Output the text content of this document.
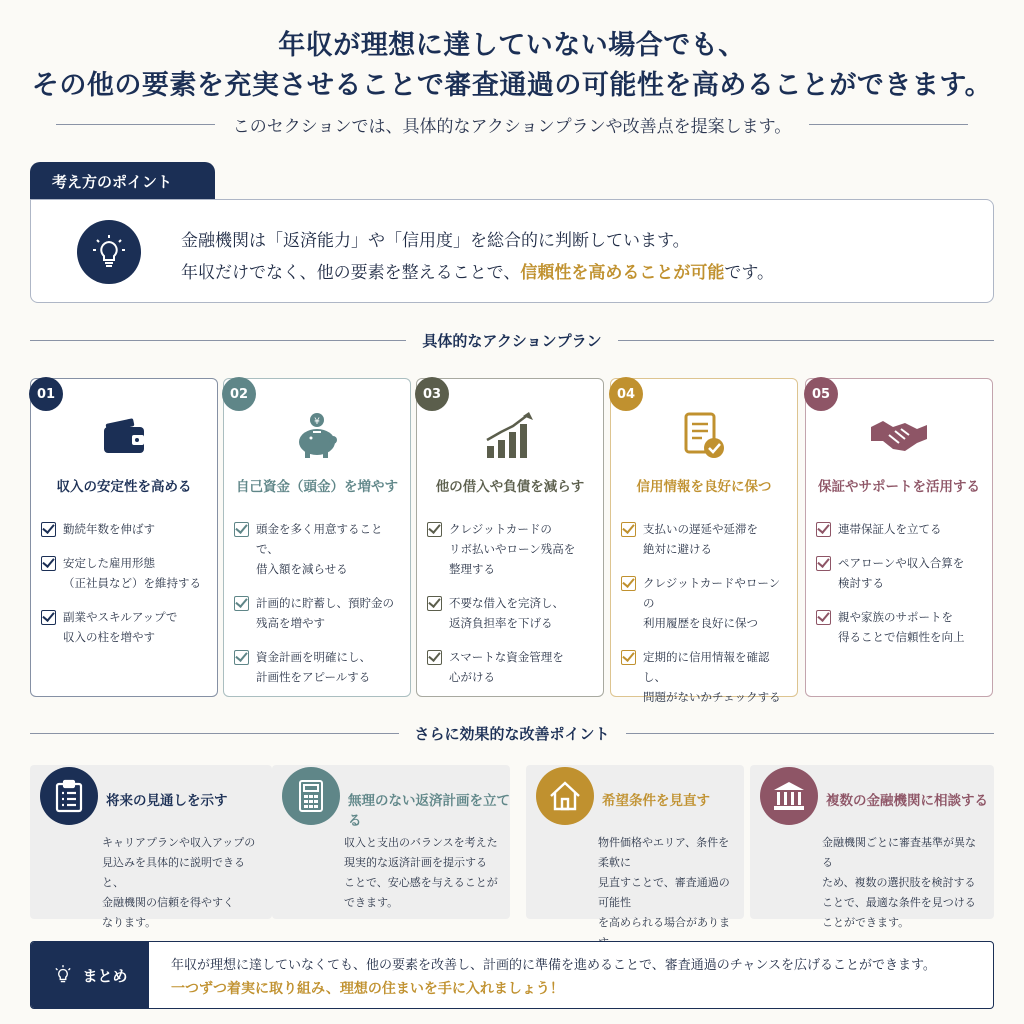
年収が理想に達していない場合でも、
その他の要素を充実させることで審査通過の可能性を高めることができます。
このセクションでは、具体的なアクションプランや改善点を提案します。
考え方のポイント
金融機関は「返済能力」や「信用度」を総合的に判断しています。
年収だけでなく、他の要素を整えることで、信頼性を高めることが可能です。
具体的なアクションプラン
01
収入の安定性を高める
勤続年数を伸ばす
安定した雇用形態
（正社員など）を維持する
副業やスキルアップで
収入の柱を増やす
02
¥
自己資金（頭金）を増やす
頭金を多く用意することで、
借入額を減らせる
計画的に貯蓄し、預貯金の
残高を増やす
資金計画を明確にし、
計画性をアピールする
03
他の借入や負債を減らす
クレジットカードの
リボ払いやローン残高を
整理する
不要な借入を完済し、
返済負担率を下げる
スマートな資金管理を
心がける
04
信用情報を良好に保つ
支払いの遅延や延滞を
絶対に避ける
クレジットカードやローンの
利用履歴を良好に保つ
定期的に信用情報を確認し、
問題がないかチェックする
05
保証やサポートを活用する
連帯保証人を立てる
ペアローンや収入合算を
検討する
親や家族のサポートを
得ることで信頼性を向上
さらに効果的な改善ポイント
将来の見通しを示す
キャリアプランや収入アップの
見込みを具体的に説明できると、
金融機関の信頼を得やすく
なります。
無理のない返済計画を立てる
収入と支出のバランスを考えた
現実的な返済計画を提示する
ことで、安心感を与えることが
できます。
希望条件を見直す
物件価格やエリア、条件を柔軟に
見直すことで、審査通過の可能性
を高められる場合がありま
複数の金融機関に相談する
金融機関ごとに審査基準が異なる
ため、複数の選択肢を検討する
ことで、最適な条件を見つける
ことができます。
まとめ
年収が理想に達していなくても、他の要素を改善し、計画的に準備を進めることで、審査通過のチャンスを広げることができます。
一つずつ着実に取り組み、理想の住まいを手に入れましょう！
